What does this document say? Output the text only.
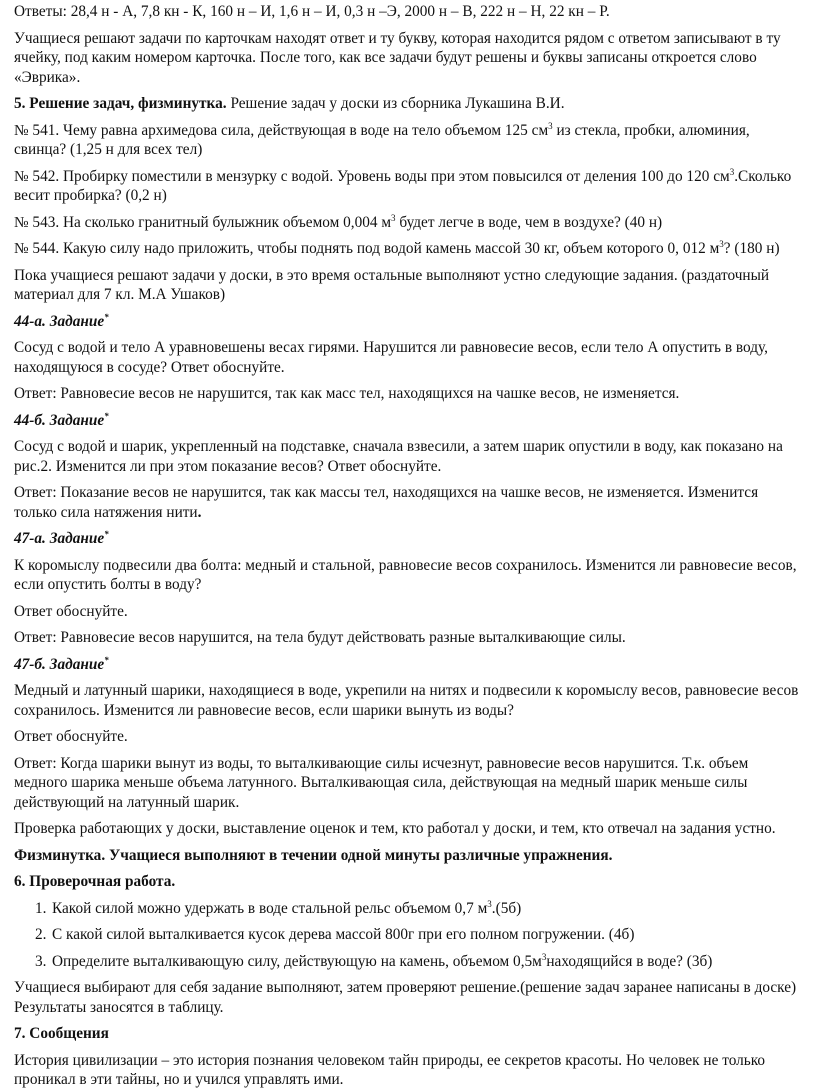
Ответы: 28,4 н - А, 7,8 кн - К, 160 н – И, 1,6 н – И, 0,3 н –Э, 2000 н – В, 222 н – Н, 22 кн – Р.

Учащиеся решают задачи по карточкам находят ответ и ту букву, которая находится рядом с ответом записывают в ту ячейку, под каким номером карточка. После того, как все задачи будут решены и буквы записаны откроется слово «Эврика».

5. Решение задач, физминутка. Решение задач у доски из сборника Лукашина В.И.

№ 541. Чему равна архимедова сила, действующая в воде на тело объемом 125 $см^3$ из стекла, пробки, алюминия, свинца? (1,25 н для всех тел)

№ 542. Пробирку поместили в мензурку с водой. Уровень воды при этом повысился от деления 100 до 120 $см^3.Сколько$ весит пробирка? (0,2 н)

№ 543. На сколько гранитный булыжник объемом 0,004 $м^3$ будет легче в воде, чем в воздухе? (40 н)

№ 544. Какую силу надо приложить, чтобы поднять под водой камень массой 30 кг, объем которого 0, 012 $м^3$? (180 н)

Пока учащиеся решают задачи у доски, в это время остальные выполняют устно следующие задания. (раздаточный материал для 7 кл. М.А Ушаков)

44-а. Задание*

Сосуд с водой и тело А уравновешены весах гирями. Нарушится ли равновесие весов, если тело А опустить в воду, находящуюся в сосуде? Ответ обоснуйте.

Ответ: Равновесие весов не нарушится, так как масс тел, находящихся на чашке весов, не изменяется.

44-б. Задание*

Сосуд с водой и шарик, укрепленный на подставке, сначала взвесили, а затем шарик опустили в воду, как показано на рис.2. Изменится ли при этом показание весов? Ответ обоснуйте.

Ответ: Показание весов не нарушится, так как массы тел, находящихся на чашке весов, не изменяется. Изменится только сила натяжения нити.

47-а. Задание*

К коромыслу подвесили два болта: медный и стальной, равновесие весов сохранилось. Изменится ли равновесие весов, если опустить болты в воду?

Ответ обоснуйте.

Ответ: Равновесие весов нарушится, на тела будут действовать разные выталкивающие силы.

47-б. Задание*

Медный и латунный шарики, находящиеся в воде, укрепили на нитях и подвесили к коромыслу весов, равновесие весов сохранилось. Изменится ли равновесие весов, если шарики вынуть из воды?

Ответ обоснуйте.

Ответ: Когда шарики вынут из воды, то выталкивающие силы исчезнут, равновесие весов нарушится. Т.к. объем медного шарика меньше объема латунного. Выталкивающая сила, действующая на медный шарик меньше силы действующий на латунный шарик.

Проверка работающих у доски, выставление оценок и тем, кто работал у доски, и тем, кто отвечал на задания устно.

Физминутка. Учащиеся выполняют в течении одной минуты различные упражнения.

6. Проверочная работа.

1. Какой силой можно удержать в воде стальной рельс объемом 0,7 $м^3.(5б)$
2. С какой силой выталкивается кусок дерева массой 800г при его полном погружении. (4б)
3. Определите выталкивающую силу, действующую на камень, объемом $0,5м^3находящийся$ в воде? (3б)

Учащиеся выбирают для себя задание выполняют, затем проверяют решение.(решение задач заранее написаны в доске) Результаты заносятся в таблицу.

7. Сообщения

История цивилизации – это история познания человеком тайн природы, ее секретов красоты. Но человек не только проникал в эти тайны, но и учился управлять ими.
